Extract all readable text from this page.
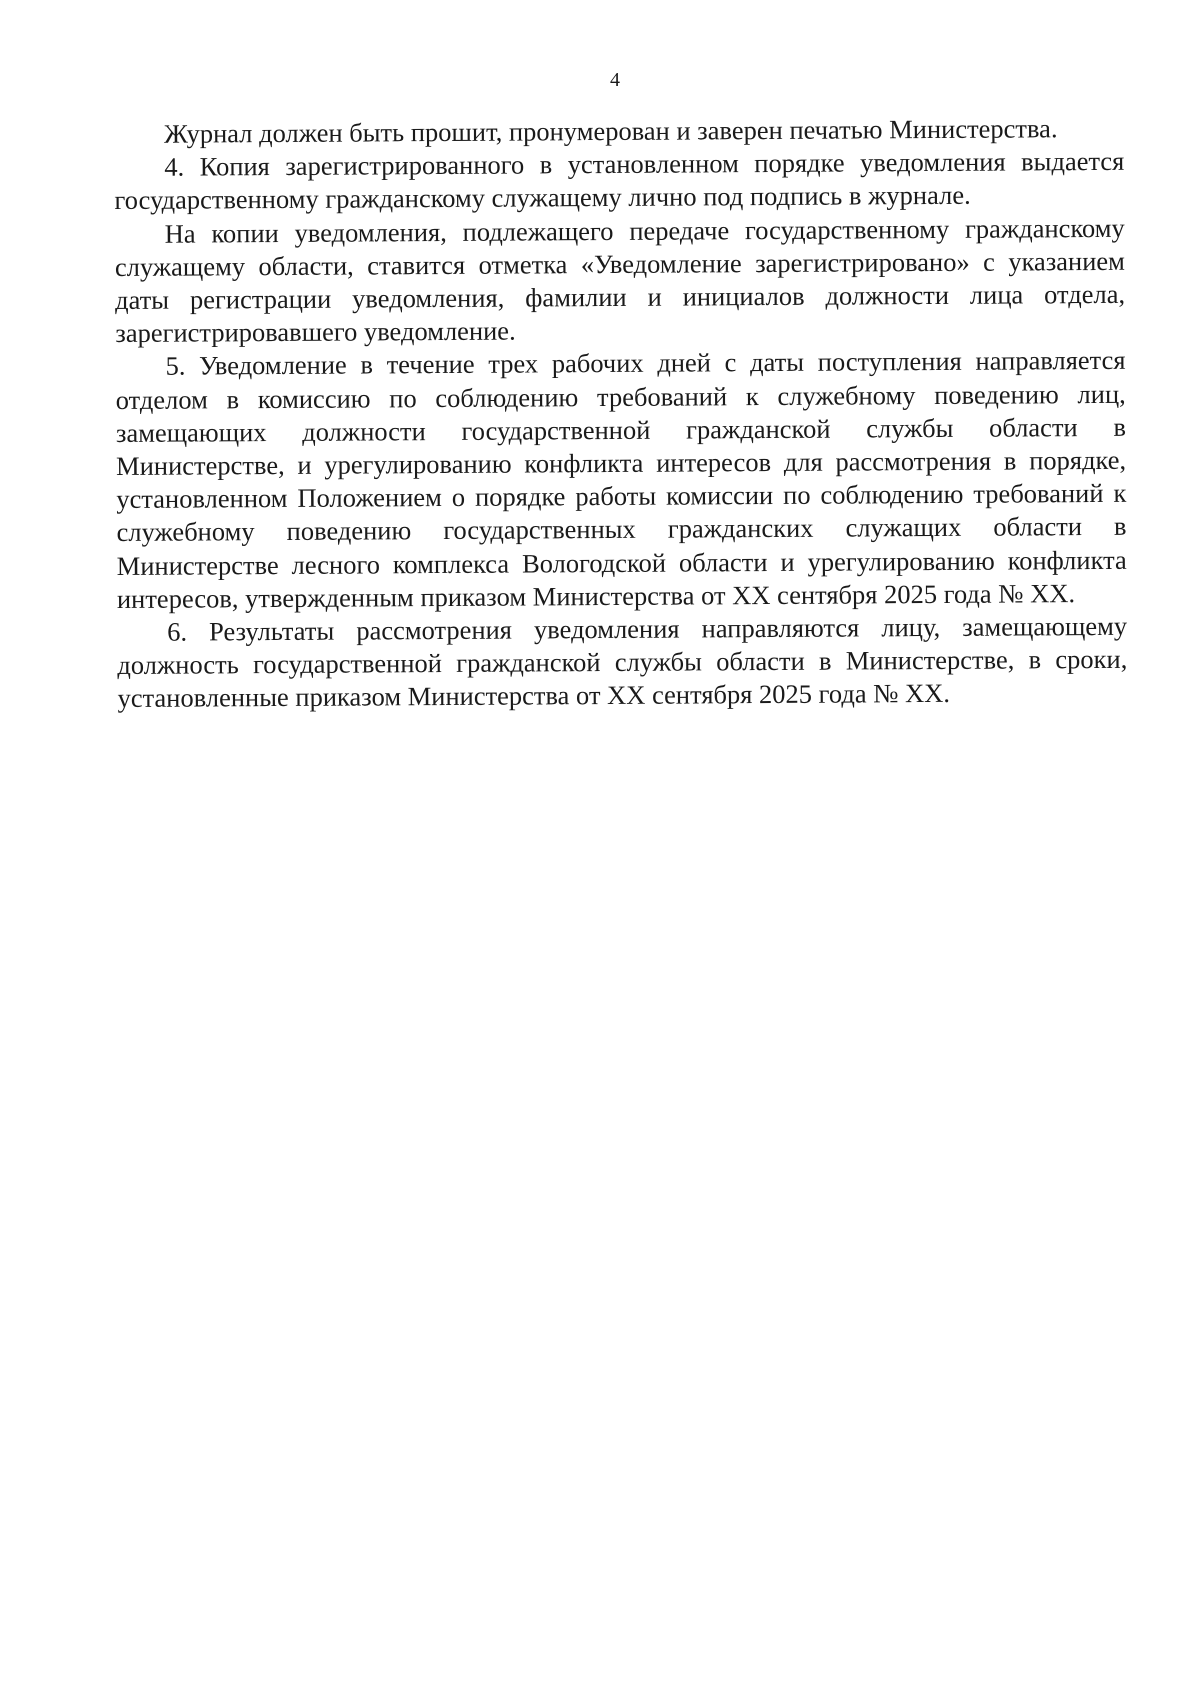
4

Журнал должен быть прошит, пронумерован и заверен печатью Министерства.

4. Копия зарегистрированного в установленном порядке уведомления выдается государственному гражданскому служащему лично под подпись в журнале.

На копии уведомления, подлежащего передаче государственному гражданскому служащему области, ставится отметка «Уведомление зарегистрировано» с указанием даты регистрации уведомления, фамилии и инициалов должности лица отдела, зарегистрировавшего уведомление.

5. Уведомление в течение трех рабочих дней с даты поступления направляется отделом в комиссию по соблюдению требований к служебному поведению лиц, замещающих должности государственной гражданской службы области в Министерстве, и урегулированию конфликта интересов для рассмотрения в порядке, установленном Положением о порядке работы комиссии по соблюдению требований к служебному поведению государственных гражданских служащих области в Министерстве лесного комплекса Вологодской области и урегулированию конфликта интересов, утвержденным приказом Министерства от XX сентября 2025 года № XX.

6. Результаты рассмотрения уведомления направляются лицу, замещающему должность государственной гражданской службы области в Министерстве, в сроки, установленные приказом Министерства от XX сентября 2025 года № XX.
